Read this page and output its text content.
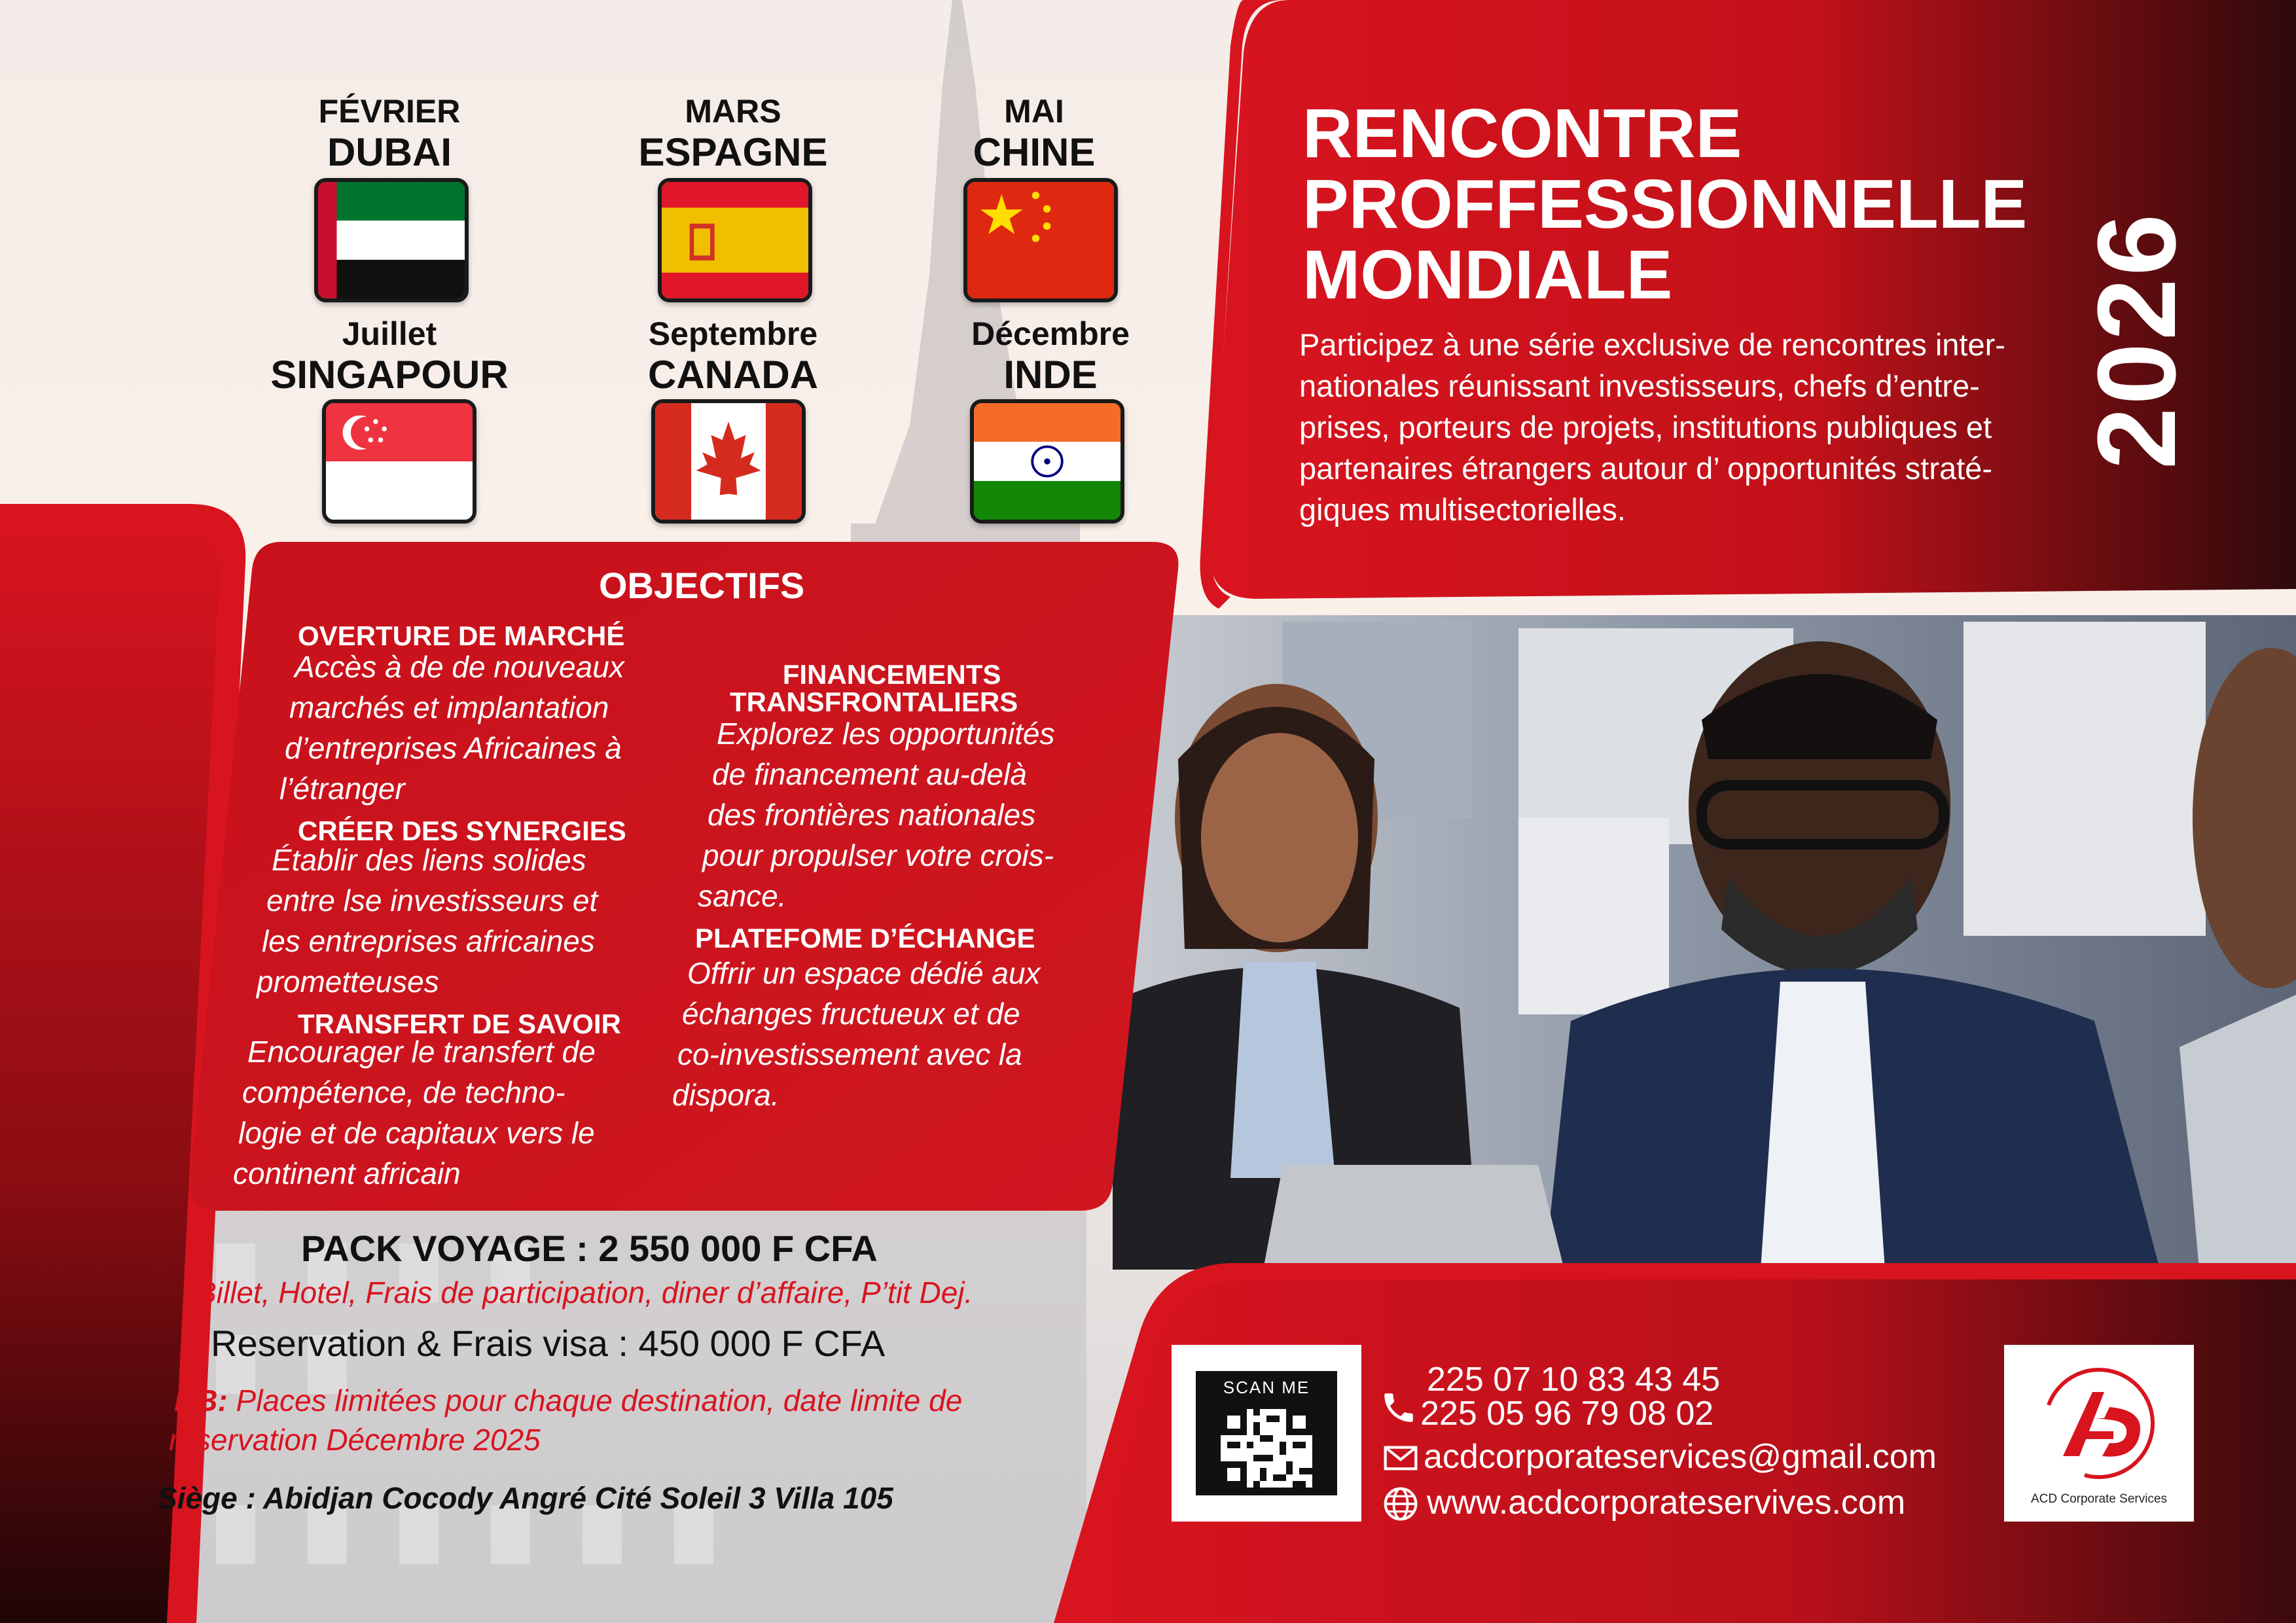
FÉVRIER
DUBAI
MARS
ESPAGNE
MAI
CHINE
Juillet
SINGAPOUR
Septembre
CANADA
Décembre
INDE
RENCONTRE
PROFFESSIONNELLE
MONDIALE	2026
Participez à une série exclusive de rencontres inter-
nationales réunissant investisseurs, chefs d’entre-
prises, porteurs de projets, institutions publiques et
partenaires étrangers autour d’ opportunités straté-
giques multisectorielles.
OBJECTIFS
OVERTURE DE MARCHÉ
Accès à de de nouveaux
marchés et implantation
d’entreprises Africaines à
l’étranger
CRÉER DES SYNERGIES
Établir des liens solides
entre lse investisseurs et
les entreprises africaines
prometteuses
TRANSFERT DE SAVOIR
Encourager le transfert de
compétence, de techno-
logie et de capitaux vers le
continent africain
FINANCEMENTS
TRANSFRONTALIERS
Explorez les opportunités
de financement au-delà
des frontières nationales
pour propulser votre crois-
sance.
PLATEFOME D’ÉCHANGE
Offrir un espace dédié aux
échanges fructueux et de
co-investissement avec la
dispora.
PACK VOYAGE : 2 550 000 F CFA
Billet, Hotel, Frais de participation, diner d’affaire, P’tit Dej.
Reservation & Frais visa : 450 000 F CFA
NB: Places limitées pour chaque destination, date limite de
reservation Décembre 2025
Siège : Abidjan Cocody Angré Cité Soleil 3 Villa 105
SCAN ME	225 07 10 83 43 45
225 05 96 79 08 02
acdcorporateservices@gmail.com
www.acdcorporateservives.com	ACD Corporate Services
